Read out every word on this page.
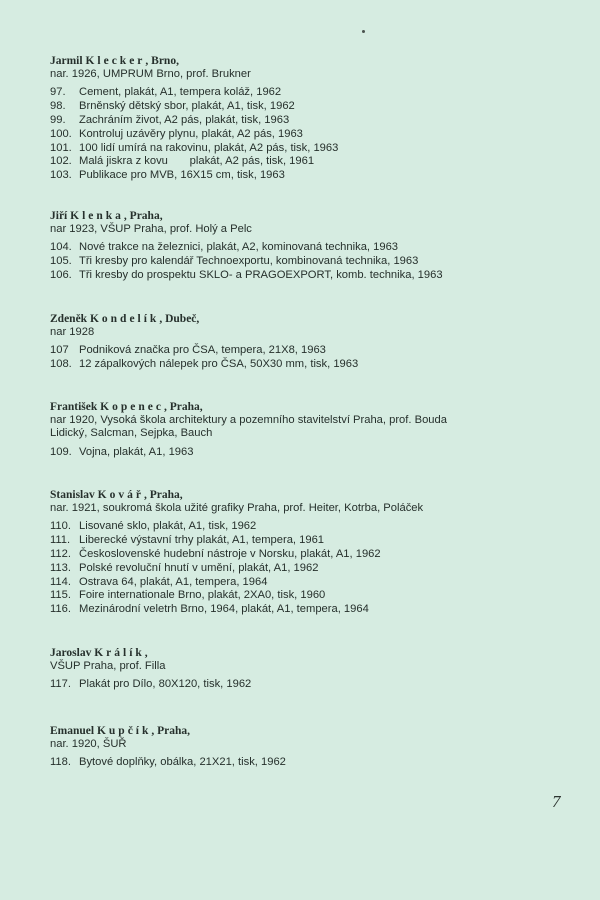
Jarmil Klecker, Brno,
nar. 1926, UMPRUM Brno, prof. Brukner
97.	Cement, plakát, A1, tempera koláž, 1962
98.	Brněnský dětský sbor, plakát, A1, tisk, 1962
99.	Zachráním život, A2 pás, plakát, tisk, 1963
100. Kontroluj uzávěry plynu, plakát, A2 pás, 1963
101. 100 lidí umírá na rakovinu, plakát, A2 pás, tisk, 1963
102. Malá jiskra z kovu       plakát, A2 pás, tisk, 1961
103. Publikace pro MVB, 16X15 cm, tisk, 1963
Jiří Klenka, Praha,
nar 1923, VŠUP Praha, prof. Holý a Pelc
104. Nové trakce na železnici, plakát, A2, kominovaná technika, 1963
105. Tři kresby pro kalendář Technoexportu, kombinovaná technika, 1963
106. Tři kresby do prospektu SKLO- a PRAGOEXPORT, komb. technika, 1963
Zdeněk Kondelík, Dubeč,
nar 1928
107 Podniková značka pro ČSA, tempera, 21X8, 1963
108. 12 zápalkových nálepek pro ČSA, 50X30 mm, tisk, 1963
František Kopenec, Praha,
nar 1920, Vysoká škola architektury a pozemního stavitelství Praha, prof. Bouda
Lidický, Salcman, Sejpka, Bauch
109. Vojna, plakát, A1, 1963
Stanislav Kovář, Praha,
nar. 1921, soukromá škola užité grafiky Praha, prof. Heiter, Kotrba, Poláček
110. Lisované sklo, plakát, A1, tisk, 1962
111. Liberecké výstavní trhy plakát, A1, tempera, 1961
112. Československé hudební nástroje v Norsku, plakát, A1, 1962
113. Polské revoluční hnutí v umění, plakát, A1, 1962
114. Ostrava 64, plakát, A1, tempera, 1964
115. Foire internationale Brno, plakát, 2XA0, tisk, 1960
116. Mezinárodní veletrh Brno, 1964, plakát, A1, tempera, 1964
Jaroslav Králík,
VŠUP Praha, prof. Filla
117. Plakát pro Dílo, 80X120, tisk, 1962
Emanuel Kupčík, Praha,
nar. 1920, ŠUŘ
118. Bytové doplňky, obálka, 21X21, tisk, 1962
7
